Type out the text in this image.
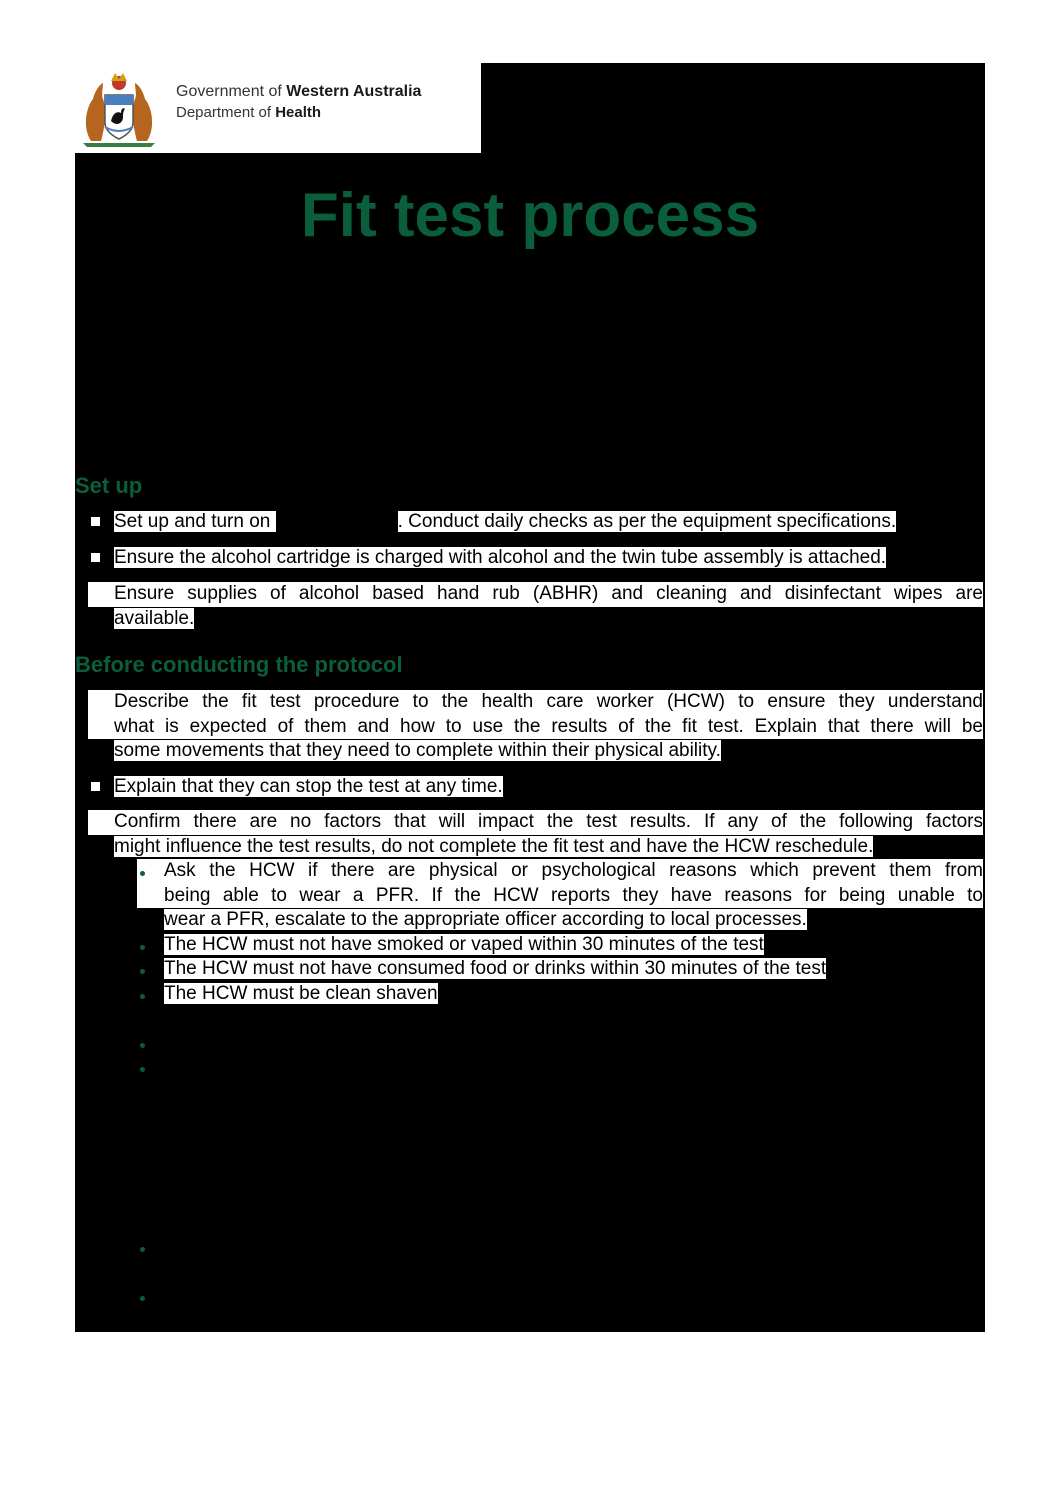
Government of Western Australia
Department of Health
Fit test process
Set up
Set up and turn on	. Conduct daily checks as per the equipment specifications.
Ensure the alcohol cartridge is charged with alcohol and the twin tube assembly is attached.
Ensure supplies of alcohol based hand rub (ABHR) and cleaning and disinfectant wipes are
available.
Before conducting the protocol
Describe the fit test procedure to the health care worker (HCW) to ensure they understand
what is expected of them and how to use the results of the fit test. Explain that there will be
some movements that they need to complete within their physical ability.
Explain that they can stop the test at any time.
Confirm there are no factors that will impact the test results. If any of the following factors
might influence the test results, do not complete the fit test and have the HCW reschedule.
Ask the HCW if there are physical or psychological reasons which prevent them from
being able to wear a PFR. If the HCW reports they have reasons for being unable to
wear a PFR, escalate to the appropriate officer according to local processes.
The HCW must not have smoked or vaped within 30 minutes of the test
The HCW must not have consumed food or drinks within 30 minutes of the test
The HCW must be clean shaven
